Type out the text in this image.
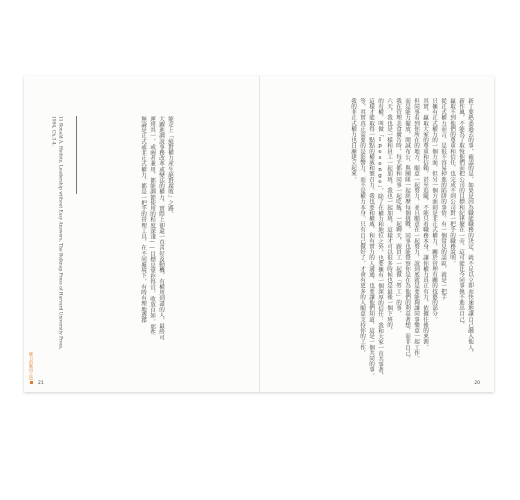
無論是正式或非正式權力，都是一把手的管理工具，在不同處境下，有時有理地選擇 運用其一，或兩者兼用，都能調節使用的程度深淺——目標是掌控得宜，收放自如。那些 大躍進調說事務改革或變法的權力，實際上卻還一直喜好及動機，有權用到盡的人，最終可 能走上「絕對權力產生絕對腐敗」之路。
11 Ronald A. Heifetz, Leadership without Easy Answers, The Belknap Press of Harvard University Press,
1994, Ch.3-4.
權力的應用之道
21
新丁要熟悉過去的事，確認的是，如果是因為職能職務的決定，就不足以立即而快速地讓自己融入他人，
新作風，不能為了取悅他們而把公司的目標和紀律擺在一旁，這可能比今同事換不進出自己，
贏取不到他們的尊重和信任，也完成不到公司對一把手的職務說明。
從正式權力而言，是很不容易掉進的陷阱的事情。有一個常見的誤區，就是一把手
只擁有正式權力的一個方面，但另一個方面則是非正式權力，關於管理有關的技藝的部分。
其實，贏取大家的尊重和信賴，甚至追隨，不能只看職務本身。讓你權力真正有力，依據往後的來源，
但同事看到你所在的地方，願意一起努力，並且願意在一起努力，說到底就是要能夠讓同事樂意一起工作。
而是能力擺放，開誠布公，與團隊一起經歷每個挑戰，同事也能覺察你是在為他們的利益著想，而非自己。
我在管理美食廣告時，每天都和同事一起吃飯，一起聊天，跟員工一起做「勞工」的事，
六天，我也是一樣和員工一起加班，我也一起加班，這樣才可以很多時候也是最後一個下班的，
的有權，叫做「Ipesenge」，除了在權力和地位之外，也要擁有一個深厚的信任：我和大家一直共事著，
這樣才能取得一點點的權威和號召力。我也要和權威、和有實力的人溝通，也要讓他們知道，這是一個共同的事。
等，其實真正需要的是影響力，而不是權力本身。只有自己做好了，才會有更多的人願意支持你的工作，
我的非正式權力也日漸建立起來。
20
